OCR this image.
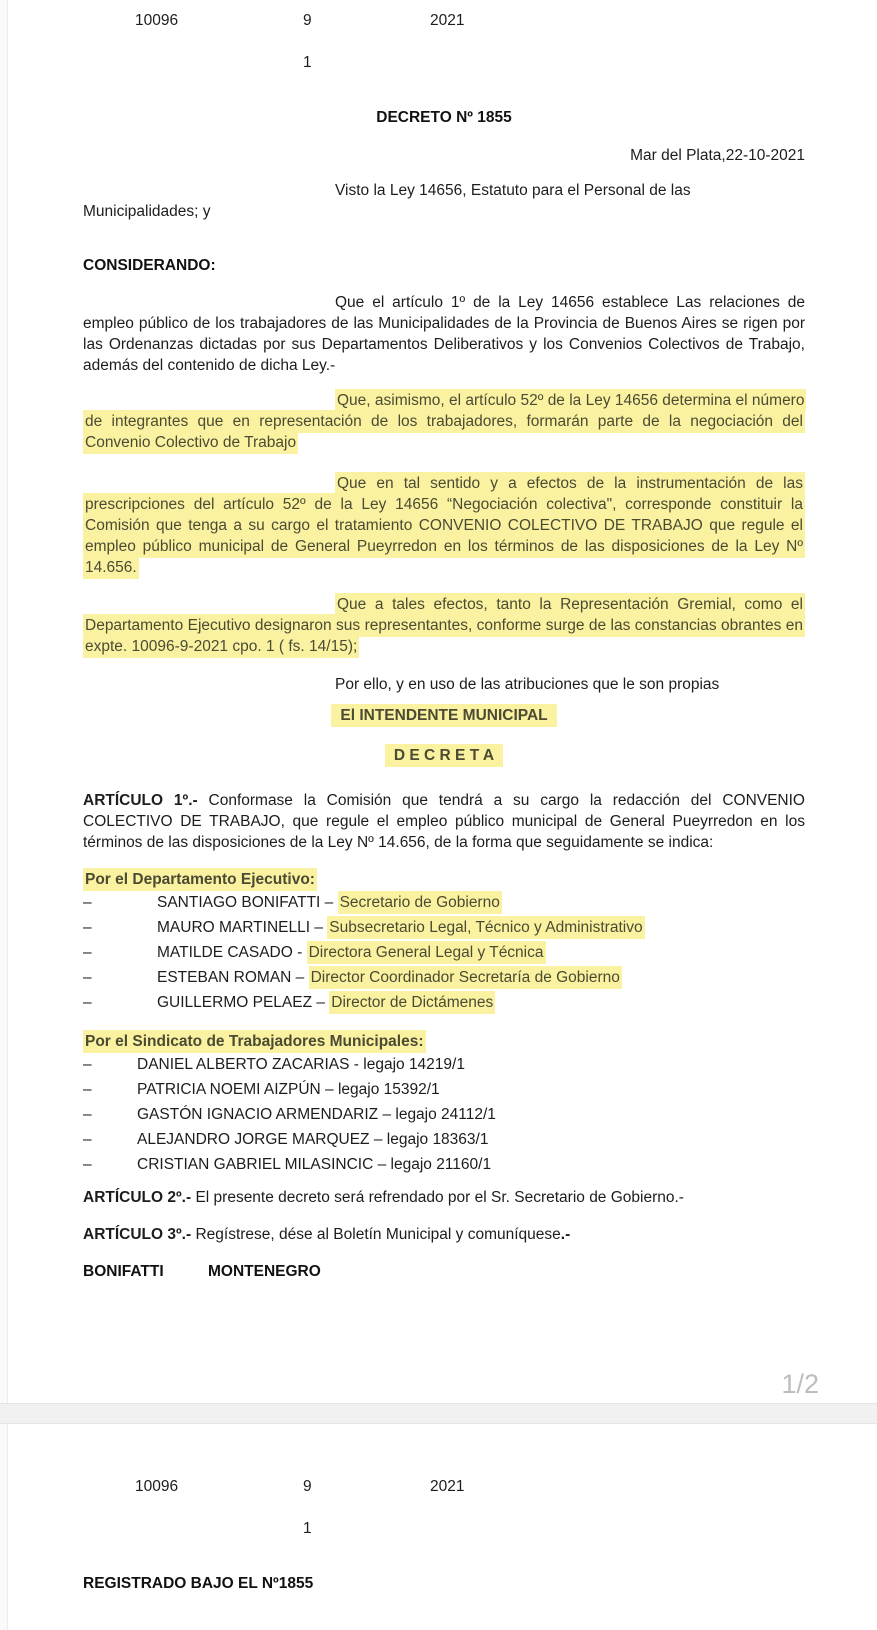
10096	9	2021
1
DECRETO Nº 1855
Mar del Plata,22-10-2021

Visto la Ley 14656, Estatuto para el Personal de las
Municipalidades; y

CONSIDERANDO:

Que el artículo 1º de la Ley 14656 establece Las relaciones de empleo público de los trabajadores de las Municipalidades de la Provincia de Buenos Aires se rigen por las Ordenanzas dictadas por sus Departamentos Deliberativos y los Convenios Colectivos de Trabajo, además del contenido de dicha Ley.-

Que, asimismo, el artículo 52º de la Ley 14656 determina el número de integrantes que en representación de los trabajadores, formarán parte de la negociación del Convenio Colectivo de Trabajo

Que en tal sentido y a efectos de la instrumentación de las prescripciones del artículo 52º de la Ley 14656 “Negociación colectiva", corresponde constituir la Comisión que tenga a su cargo el tratamiento CONVENIO COLECTIVO DE TRABAJO que regule el empleo público municipal de General Pueyrredon en los términos de las disposiciones de la Ley Nº 14.656.

Que a tales efectos, tanto la Representación Gremial, como el Departamento Ejecutivo designaron sus representantes, conforme surge de las constancias obrantes en expte. 10096-9-2021 cpo. 1 ( fs. 14/15);

Por ello, y en uso de las atribuciones que le son propias

El INTENDENTE MUNICIPAL
D E C R E T A

ARTÍCULO 1º.- Conformase la Comisión que tendrá a su cargo la redacción del CONVENIO COLECTIVO DE TRABAJO, que regule el empleo público municipal de General Pueyrredon en los términos de las disposiciones de la Ley Nº 14.656, de la forma que seguidamente se indica:

Por el Departamento Ejecutivo:
–	SANTIAGO BONIFATTI – Secretario de Gobierno
–	MAURO MARTINELLI – Subsecretario Legal, Técnico y Administrativo
–	MATILDE CASADO - Directora General Legal y Técnica
–	ESTEBAN ROMAN – Director Coordinador Secretaría de Gobierno
–	GUILLERMO PELAEZ – Director de Dictámenes
Por el Sindicato de Trabajadores Municipales:
–	DANIEL ALBERTO ZACARIAS - legajo 14219/1
–	PATRICIA NOEMI AIZPÚN – legajo 15392/1
–	GASTÓN IGNACIO ARMENDARIZ – legajo 24112/1
–	ALEJANDRO JORGE MARQUEZ – legajo 18363/1
–	CRISTIAN GABRIEL MILASINCIC – legajo 21160/1

ARTÍCULO 2º.- El presente decreto será refrendado por el Sr. Secretario de Gobierno.-

ARTÍCULO 3º.- Regístrese, dése al Boletín Municipal y comuníquese.-

BONIFATTI	MONTENEGRO
1/2
10096	9	2021
1
REGISTRADO BAJO EL Nº1855
